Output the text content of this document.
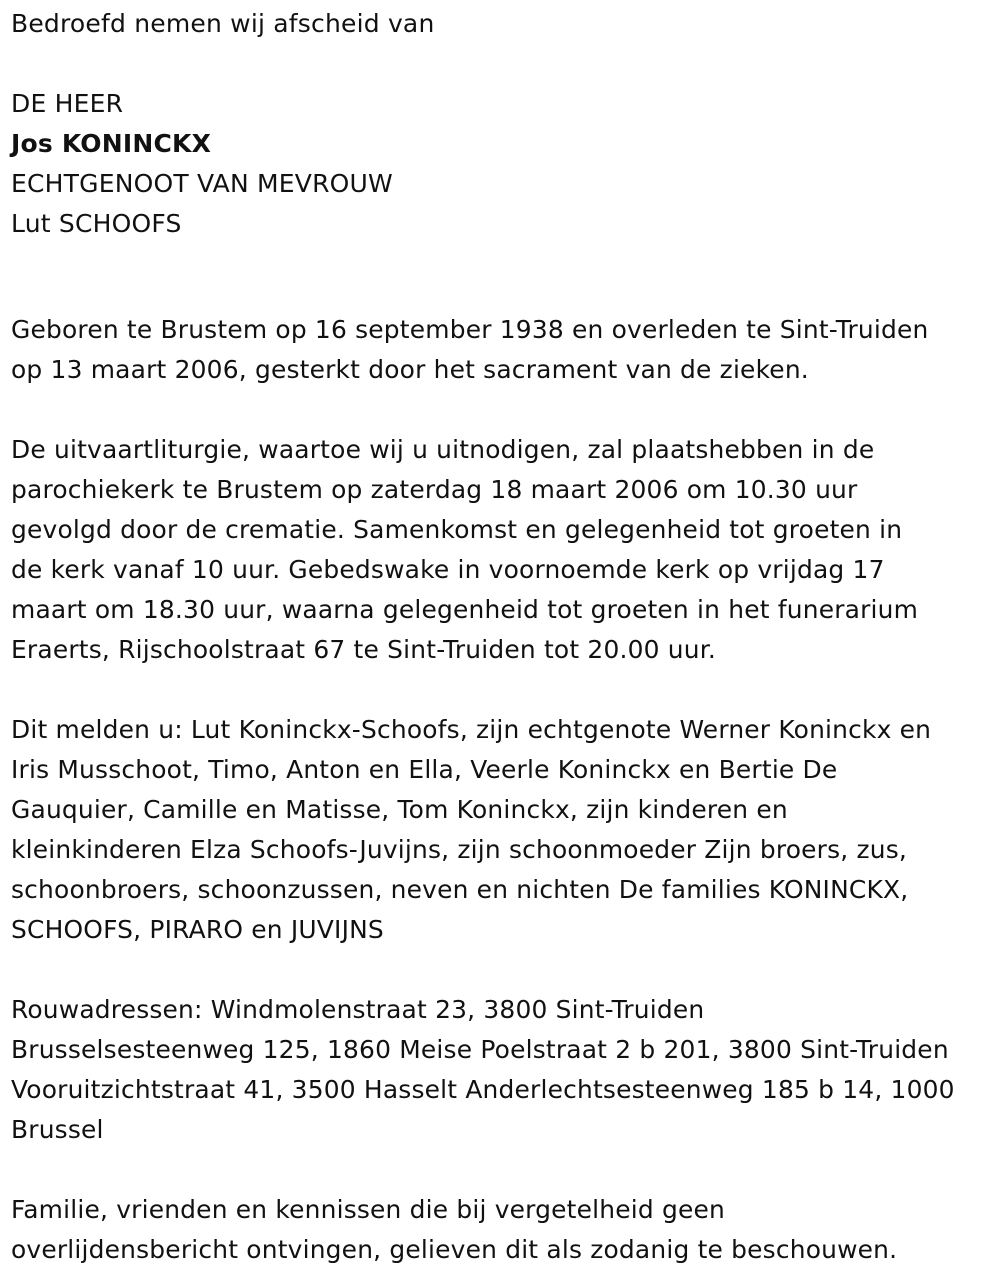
Bedroefd nemen wij afscheid van
DE HEER
Jos KONINCKX
ECHTGENOOT VAN MEVROUW
Lut SCHOOFS
Geboren te Brustem op 16 september 1938 en overleden te Sint-Truiden
op 13 maart 2006, gesterkt door het sacrament van de zieken.
De uitvaartliturgie, waartoe wij u uitnodigen, zal plaatshebben in de
parochiekerk te Brustem op zaterdag 18 maart 2006 om 10.30 uur
gevolgd door de crematie. Samenkomst en gelegenheid tot groeten in
de kerk vanaf 10 uur. Gebedswake in voornoemde kerk op vrijdag 17
maart om 18.30 uur, waarna gelegenheid tot groeten in het funerarium
Eraerts, Rijschoolstraat 67 te Sint-Truiden tot 20.00 uur.
Dit melden u: Lut Koninckx-Schoofs, zijn echtgenote Werner Koninckx en
Iris Musschoot, Timo, Anton en Ella, Veerle Koninckx en Bertie De
Gauquier, Camille en Matisse, Tom Koninckx, zijn kinderen en
kleinkinderen Elza Schoofs-Juvijns, zijn schoonmoeder Zijn broers, zus,
schoonbroers, schoonzussen, neven en nichten De families KONINCKX,
SCHOOFS, PIRARO en JUVIJNS
Rouwadressen: Windmolenstraat 23, 3800 Sint-Truiden
Brusselsesteenweg 125, 1860 Meise Poelstraat 2 b 201, 3800 Sint-Truiden
Vooruitzichtstraat 41, 3500 Hasselt Anderlechtsesteenweg 185 b 14, 1000
Brussel
Familie, vrienden en kennissen die bij vergetelheid geen
overlijdensbericht ontvingen, gelieven dit als zodanig te beschouwen.
